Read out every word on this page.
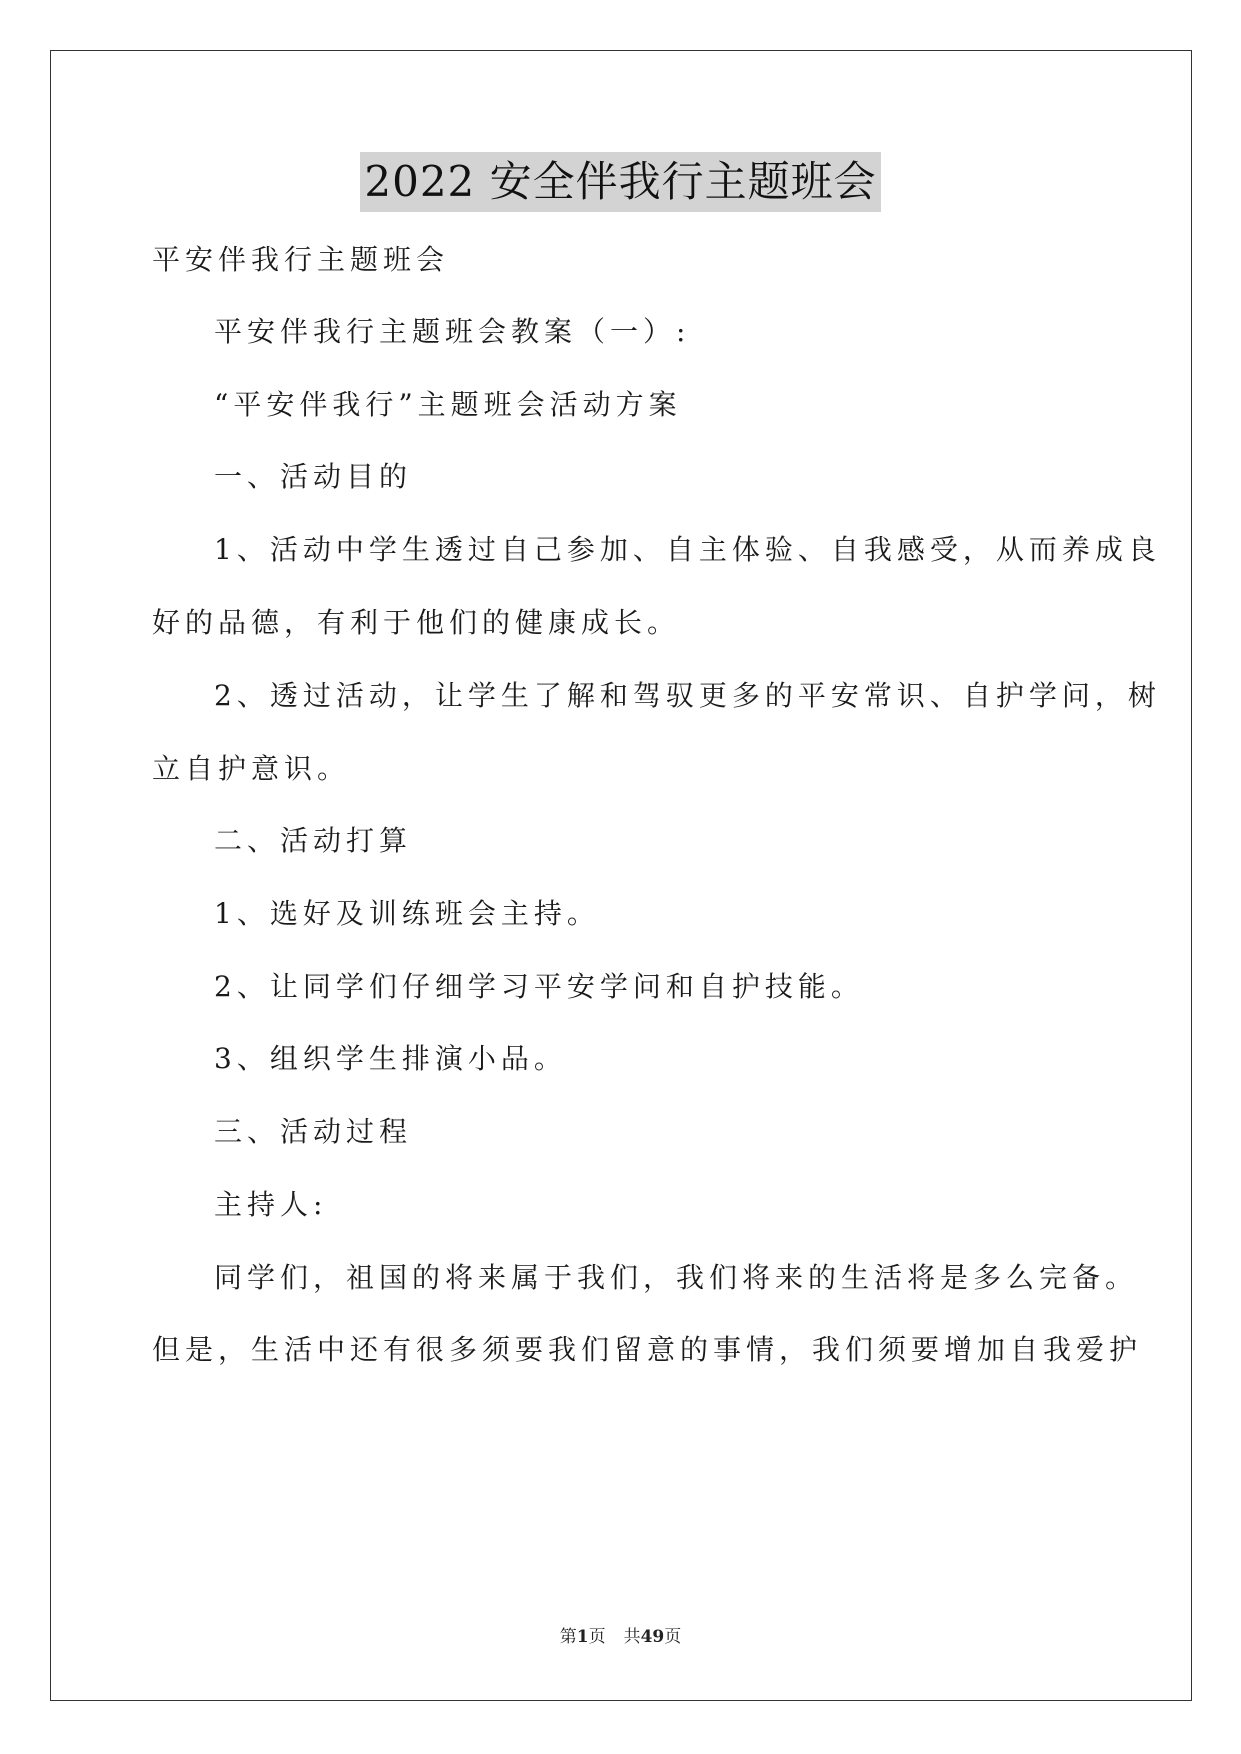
2022 安全伴我行主题班会
平安伴我行主题班会
平安伴我行主题班会教案（一）:
“平安伴我行”主题班会活动方案
一、活动目的
1、活动中学生透过自己参加、自主体验、自我感受，从而养成良
好的品德，有利于他们的健康成长。
2、透过活动，让学生了解和驾驭更多的平安常识、自护学问，树
立自护意识。
二、活动打算
1、选好及训练班会主持。
2、让同学们仔细学习平安学问和自护技能。
3、组织学生排演小品。
三、活动过程
主持人:
同学们，祖国的将来属于我们，我们将来的生活将是多么完备。
但是，生活中还有很多须要我们留意的事情，我们须要增加自我爱护
第1页 共49页
